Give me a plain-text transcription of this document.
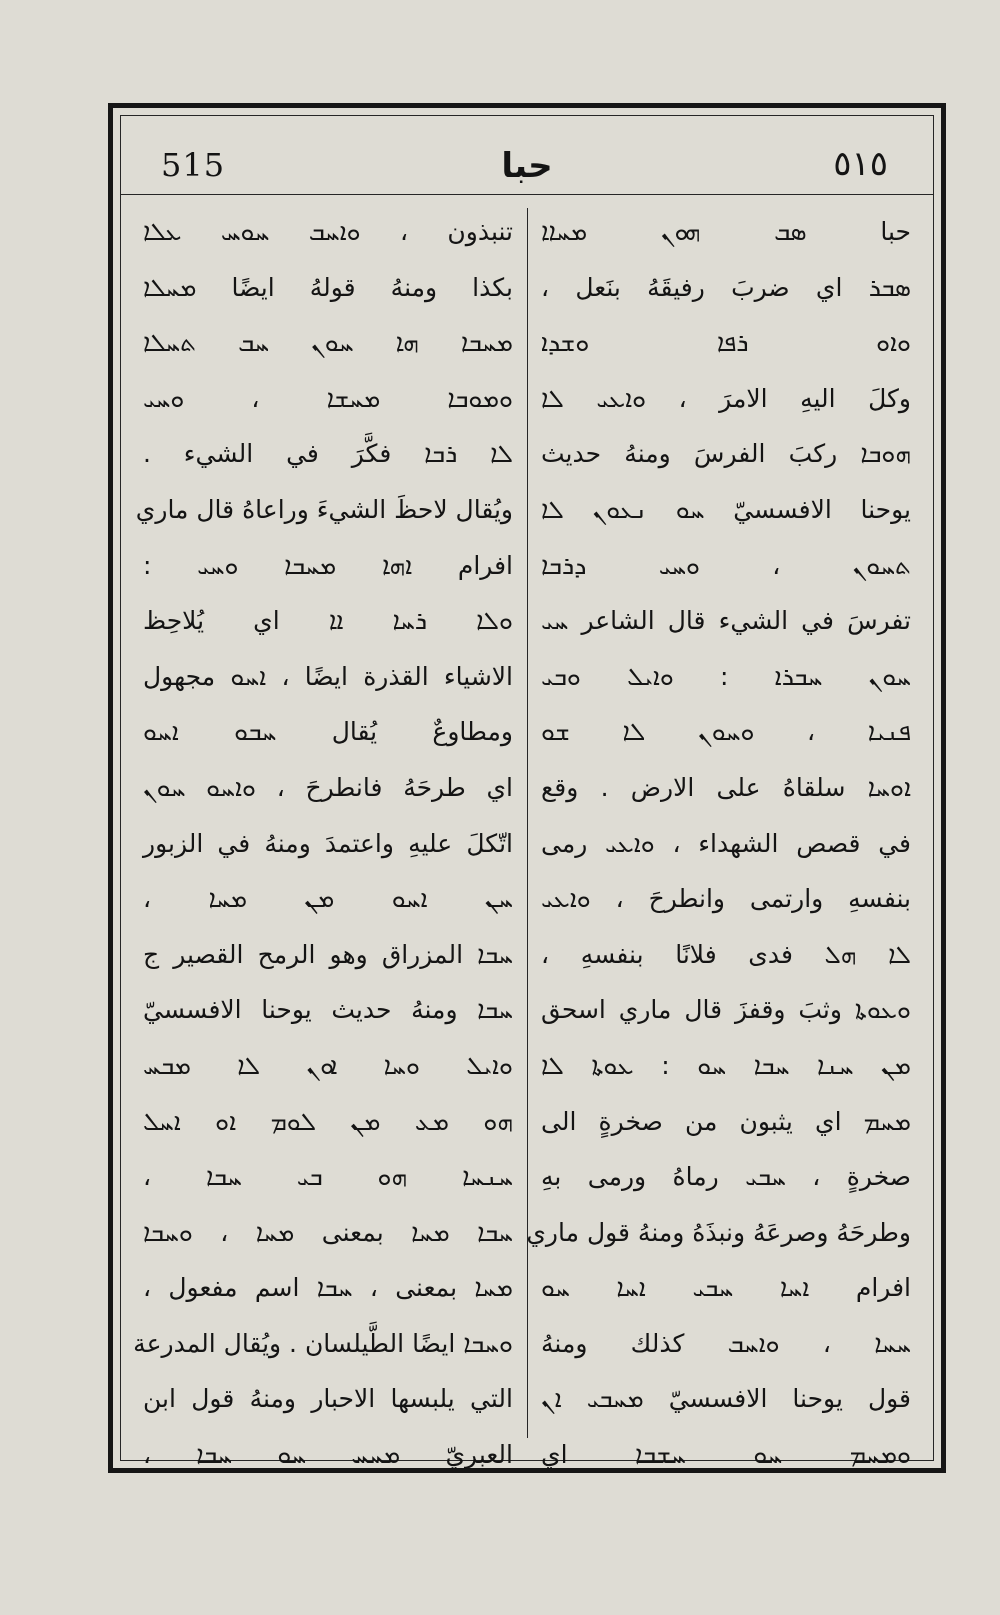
515	حبا	٥١٥
حبا ܣܒ ܗܘܢ ܡܚܐܐ
ܣܒܪ اي ضربَ رفيقَهُ بنَعل ،
ܘܐܘ ܪܦܐ ܘܫܕܐ
وكلَ اليهِ الامرَ ، ܘܐܥܝ ܠܐ
ܗܘܒܐ ركبَ الفرسَ ومنهُ حديث
يوحنا الافسسيّ ܚܘ ܢܥܘܢ ܠܐ
ܬܚܘܢ ، ܘܚܝ ܕܪܒܐ
تفرسَ في الشيء قال الشاعر ܚܝ
ܚܘܢ ܚܒܪܐ : ܘܐܝܠ ܘܒܝ
ܦܢܝܐ ، ܘܚܘܢ ܠܐ ܫܘ
ܐܘܚܐ سلقاهُ على الارض . وقع
في قصص الشهداء ، ܘܐܥܝ رمى
بنفسهِ وارتمى وانطرحَ ، ܘܐܥܝ
ܠܐ ܗܠ فدى فلانًا بنفسهِ ،
ܘܥܘܬܐ وثبَ وقفزَ قال ماري اسحق
ܡܢ ܚܢܐ ܚܒܐ ܚܘ : ܥܘܬܐ ܠܐ
ܡܚܡ اي يثبون من صخرةٍ الى
صخرةٍ ، ܚܒܝ رماهُ ورمى بهِ
وطرحَهُ وصرعَهُ ونبذَهُ ومنهُ قول ماري
افرام ܐܚܐ ܚܒܝ ܐܚܐ ܚܘ
ܚܚܐ ، ܘܐܚܒ كذلك ومنهُ
قول يوحنا الافسسيّ ܡܚܒܝ ܐܢ
ܘܡܚܡ ܚܘ ܚܫܒܐ اي
تنبذون ، ܘܐܚܒ ܚܘܚ ܥܠܐ
بكذا ومنهُ قولهُ ايضًا ܡܚܠܐ
ܡܚܒܐ ܗܐ ܚܘܢ ܚܒ ܬܚܠܐ
ܘܡܘܒܐ ܡܚܫܐ ، ܘܚܝ
ܠܐ ܪܒܐ فكَّرَ في الشيء .
ويُقال لاحظَ الشيءَ وراعاهُ قال ماري
افرام ܐܗܐ ܡܚܒܐ ܘܚܝ :
ܘܠܐ ܪܚܐ ܐܐ اي يُلاحِظ
الاشياء القذرة ايضًا ، ܐܚܘ مجهول
ومطاوعٌ يُقال ܚܒܘ ܐܚܘ
اي طرحَهُ فانطرحَ ، ܘܐܚܘ ܚܘܢ
اتّكلَ عليهِ واعتمدَ ومنهُ في الزبور
ܚܢ ܐܚܘ ܡܢ ܡܚܐ ،
ܚܒܐ المزراق وهو الرمح القصير ج
ܚܒܐ ومنهُ حديث يوحنا الافسسيّ
ܘܐܝܠ ܘܚܐ ܐܘܢ ܠܐ ܡܒܚ
ܗܘ ܡܥ ܡܢ ܠܘܡ ܐܘ ܐܚܠ
ܚܢܚܐ ܗܘ ܒܝ ܚܒܐ ،
ܚܒܐ ܡܚܐ بمعنى ܡܚܐ ، ܘܚܒܐ
ܡܚܐ بمعنى ، ܚܒܐ اسم مفعول ،
ܘܚܒܐ ايضًا الطَّيلسان . ويُقال المدرعة
التي يلبسها الاحبار ومنهُ قول ابن
العبريّ ܡܚܚ ܚܘ ܚܒܐ ،
